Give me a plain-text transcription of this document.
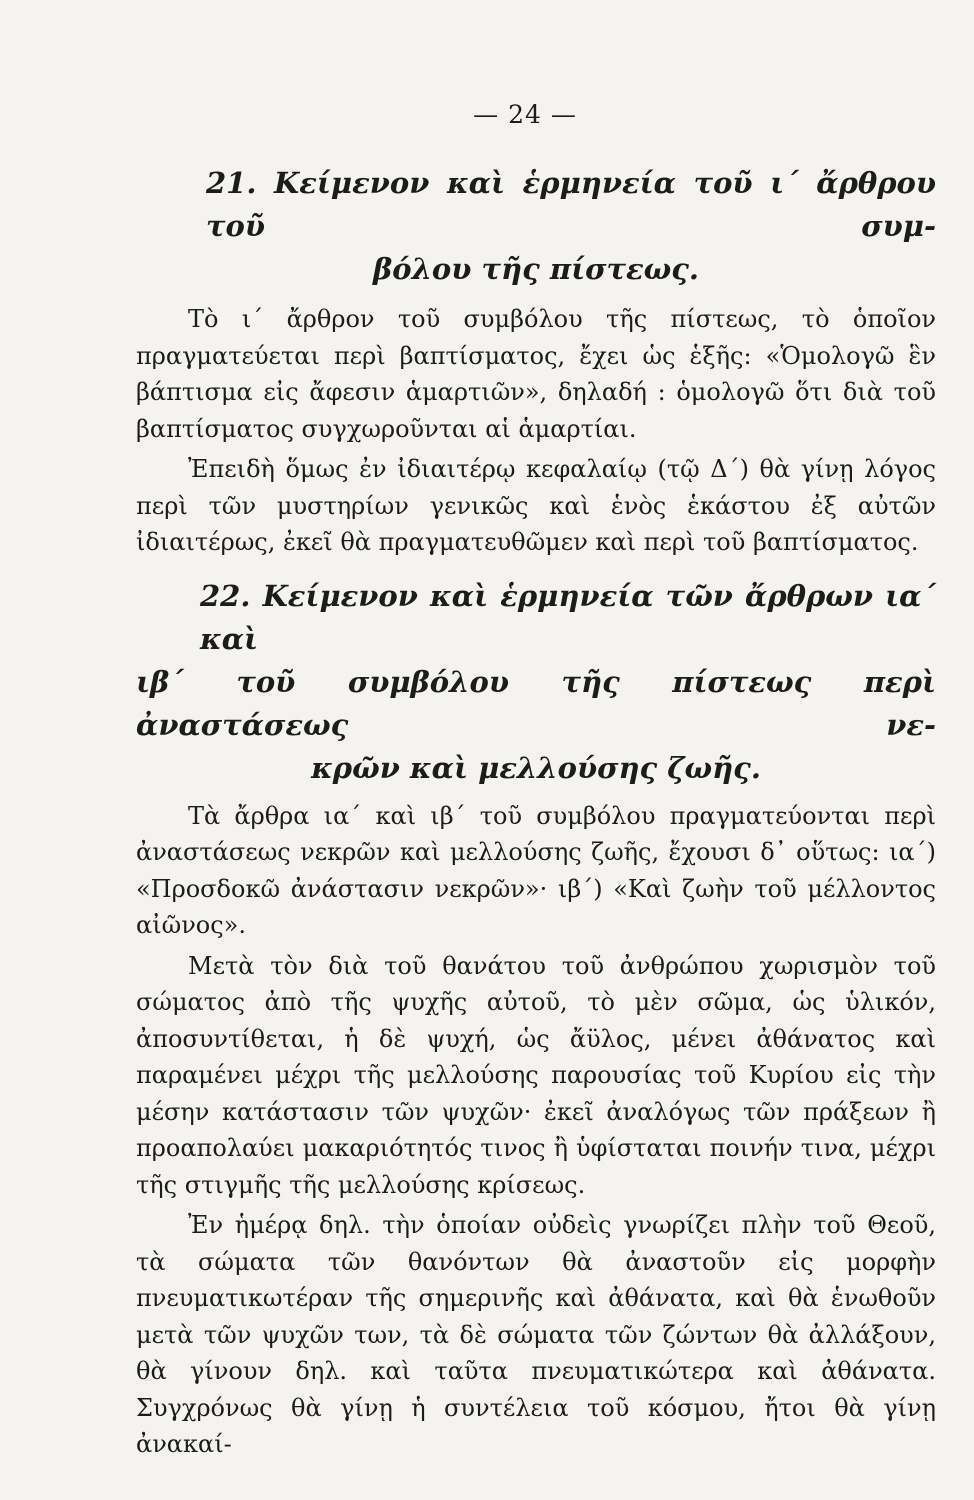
— 24 —
21. Κείμενον καὶ ἑρμηνεία τοῦ ι΄ ἄρθρου τοῦ συμ-
βόλου τῆς πίστεως.

Τὸ ι΄ ἄρθρον τοῦ συμβόλου τῆς πίστεως, τὸ ὁποῖον πραγματεύεται περὶ βαπτίσματος, ἔχει ὡς ἑξῆς: «Ὁμολογῶ ἓν βάπτισμα εἰς ἄφεσιν ἁμαρτιῶν», δηλαδή : ὁμολογῶ ὅτι διὰ τοῦ βαπτίσματος συγχωροῦνται αἱ ἁμαρτίαι.

Ἐπειδὴ ὅμως ἐν ἰδιαιτέρῳ κεφαλαίῳ (τῷ Δ΄) θὰ γίνῃ λόγος περὶ τῶν μυστηρίων γενικῶς καὶ ἑνὸς ἑκάστου ἐξ αὐτῶν ἰδιαιτέρως, ἐκεῖ θὰ πραγματευθῶμεν καὶ περὶ τοῦ βαπτίσματος.

22. Κείμενον καὶ ἑρμηνεία τῶν ἄρθρων ια΄ καὶ
ιβ΄ τοῦ συμβόλου τῆς πίστεως περὶ ἀναστάσεως νε-
κρῶν καὶ μελλούσης ζωῆς.

Τὰ ἄρθρα ια΄ καὶ ιβ΄ τοῦ συμβόλου πραγματεύονται περὶ ἀναστάσεως νεκρῶν καὶ μελλούσης ζωῆς, ἔχουσι δ᾽ οὕτως: ια΄) «Προσδοκῶ ἀνάστασιν νεκρῶν»· ιβ΄) «Καὶ ζωὴν τοῦ μέλλοντος αἰῶνος».

Μετὰ τὸν διὰ τοῦ θανάτου τοῦ ἀνθρώπου χωρισμὸν τοῦ σώματος ἀπὸ τῆς ψυχῆς αὐτοῦ, τὸ μὲν σῶμα, ὡς ὑλικόν, ἀποσυντίθεται, ἡ δὲ ψυχή, ὡς ἄϋλος, μένει ἀθάνατος καὶ παραμένει μέχρι τῆς μελλούσης παρουσίας τοῦ Κυρίου εἰς τὴν μέσην κατάστασιν τῶν ψυχῶν· ἐκεῖ ἀναλόγως τῶν πράξεων ἢ προαπολαύει μακαριότητός τινος ἢ ὑφίσταται ποινήν τινα, μέχρι τῆς στιγμῆς τῆς μελλούσης κρίσεως.

Ἐν ἡμέρᾳ δηλ. τὴν ὁποίαν οὐδεὶς γνωρίζει πλὴν τοῦ Θεοῦ, τὰ σώματα τῶν θανόντων θὰ ἀναστοῦν εἰς μορφὴν πνευματικωτέραν τῆς σημερινῆς καὶ ἀθάνατα, καὶ θὰ ἑνωθοῦν μετὰ τῶν ψυχῶν των, τὰ δὲ σώματα τῶν ζώντων θὰ ἀλλάξουν, θὰ γίνουν δηλ. καὶ ταῦτα πνευματικώτερα καὶ ἀθάνατα. Συγχρόνως θὰ γίνῃ ἡ συντέλεια τοῦ κόσμου, ἤτοι θὰ γίνῃ ἀνακαί-
